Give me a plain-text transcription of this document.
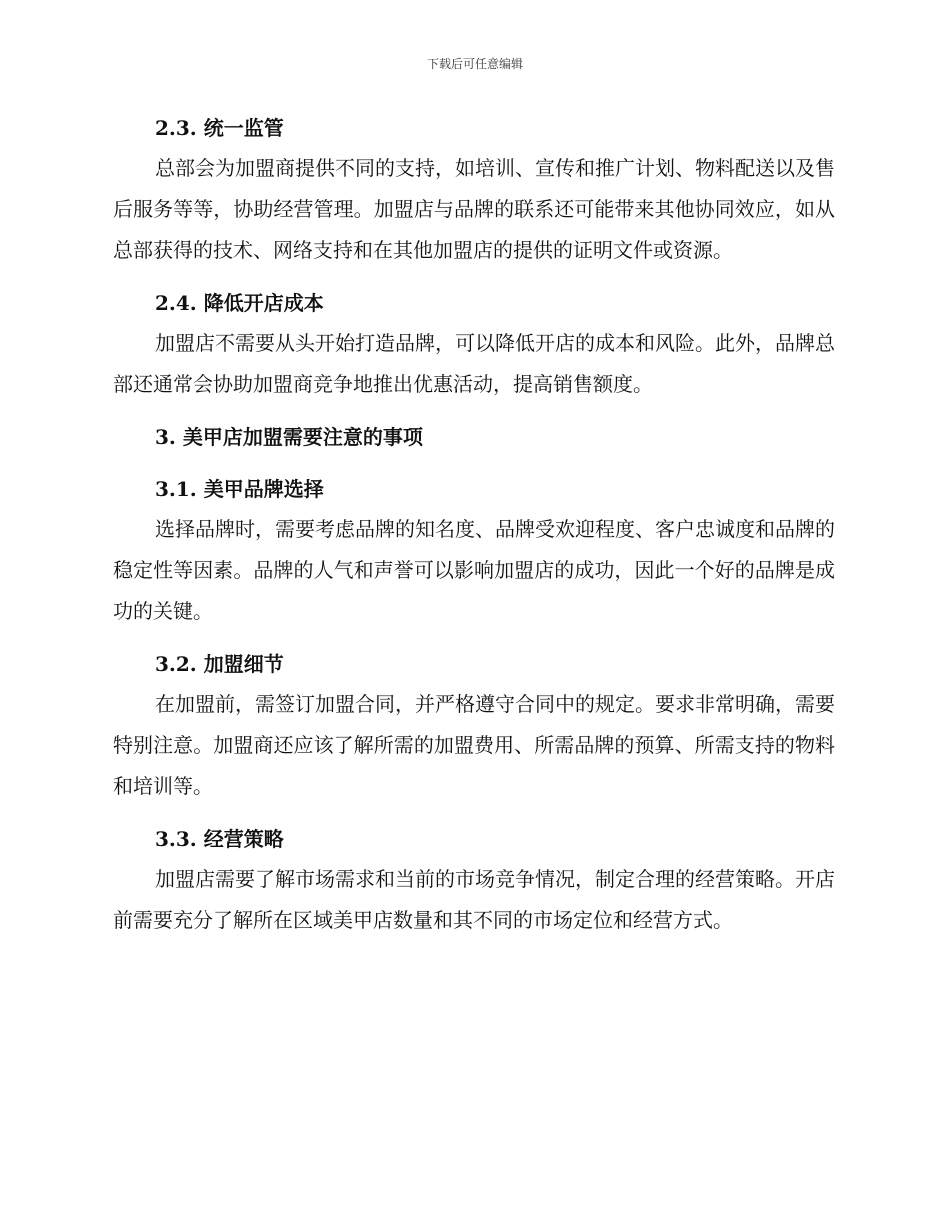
下载后可任意编辑
2.3. 统一监管

总部会为加盟商提供不同的支持，如培训、宣传和推广计划、物料配送以及售后服务等等，协助经营管理。加盟店与品牌的联系还可能带来其他协同效应，如从总部获得的技术、网络支持和在其他加盟店的提供的证明文件或资源。

2.4. 降低开店成本

加盟店不需要从头开始打造品牌，可以降低开店的成本和风险。此外，品牌总部还通常会协助加盟商竞争地推出优惠活动，提高销售额度。

3. 美甲店加盟需要注意的事项
3.1. 美甲品牌选择

选择品牌时，需要考虑品牌的知名度、品牌受欢迎程度、客户忠诚度和品牌的稳定性等因素。品牌的人气和声誉可以影响加盟店的成功，因此一个好的品牌是成功的关键。

3.2. 加盟细节

在加盟前，需签订加盟合同，并严格遵守合同中的规定。要求非常明确，需要特别注意。加盟商还应该了解所需的加盟费用、所需品牌的预算、所需支持的物料和培训等。

3.3. 经营策略

加盟店需要了解市场需求和当前的市场竞争情况，制定合理的经营策略。开店前需要充分了解所在区域美甲店数量和其不同的市场定位和经营方式。
